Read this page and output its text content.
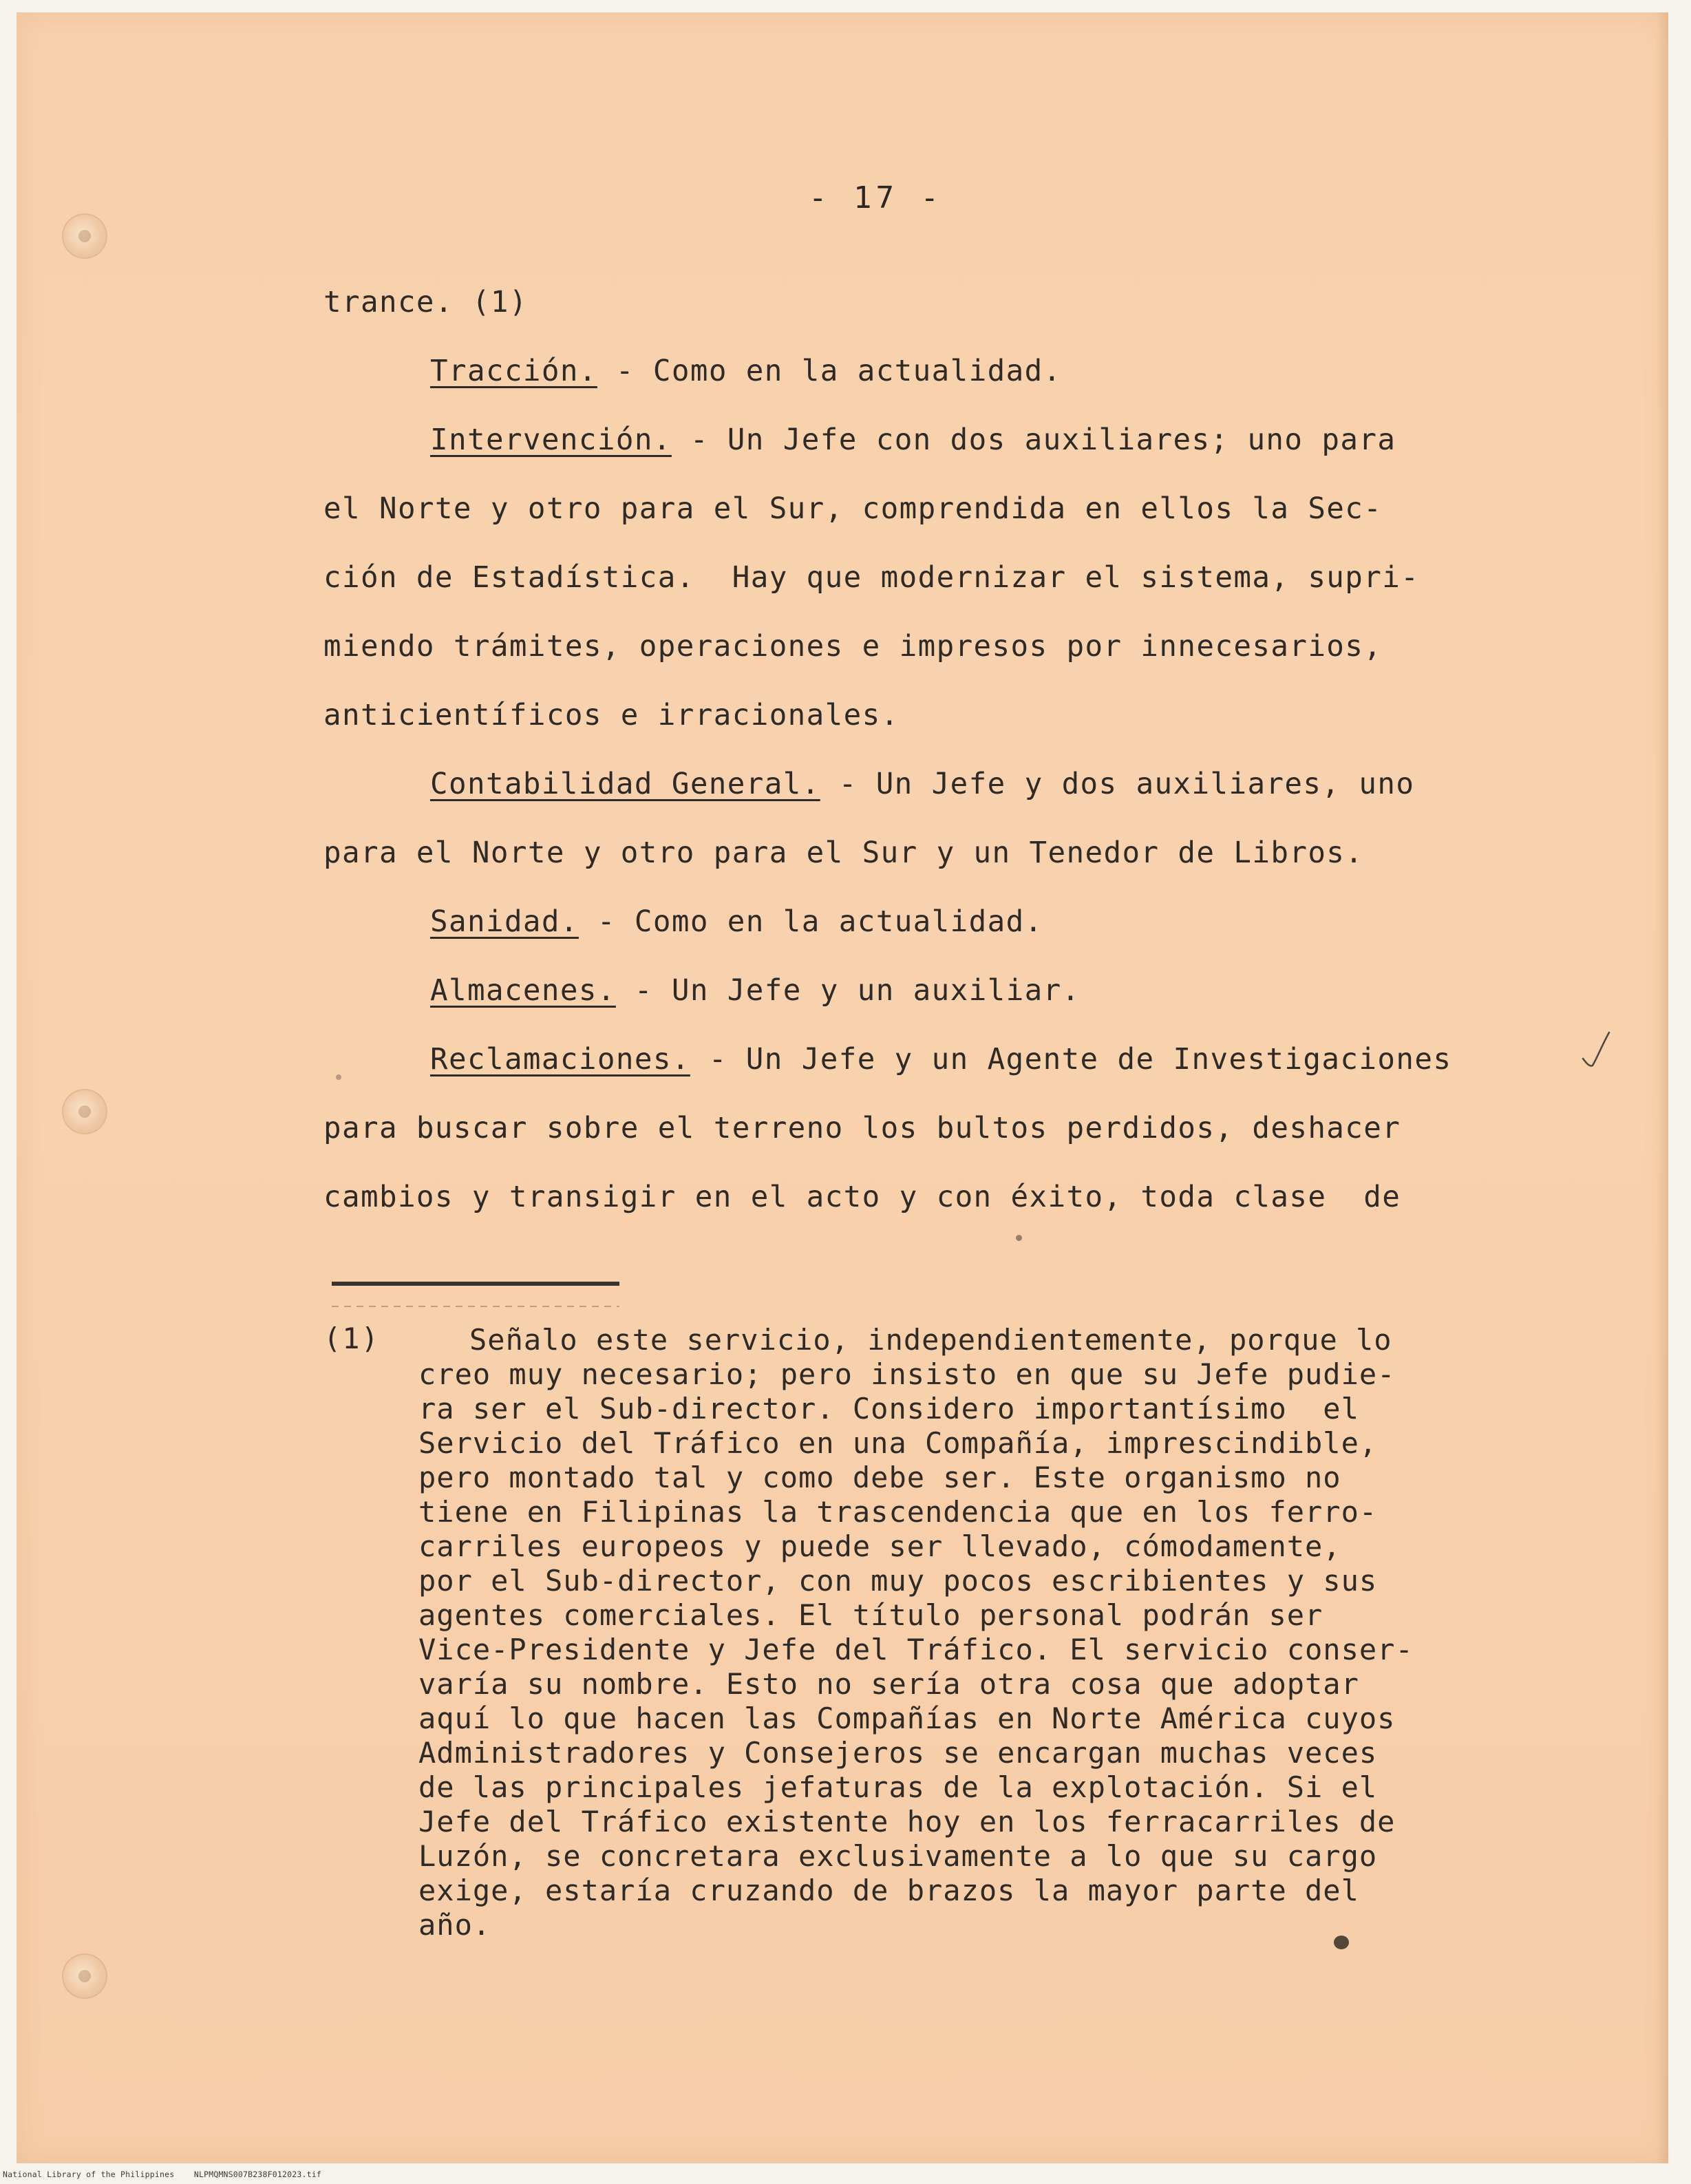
- 17 -
trance. (1)
Tracción. - Como en la actualidad.
Intervención. - Un Jefe con dos auxiliares; uno para
el Norte y otro para el Sur, comprendida en ellos la Sec-
ción de Estadística.  Hay que modernizar el sistema, supri-
miendo trámites, operaciones e impresos por innecesarios,
anticientíficos e irracionales.
Contabilidad General. - Un Jefe y dos auxiliares, uno
para el Norte y otro para el Sur y un Tenedor de Libros.
Sanidad. - Como en la actualidad.
Almacenes. - Un Jefe y un auxiliar.
Reclamaciones. - Un Jefe y un Agente de Investigaciones
para buscar sobre el terreno los bultos perdidos, deshacer
cambios y transigir en el acto y con éxito, toda clase  de
(1)	Señalo este servicio, independientemente, porque lo
creo muy necesario; pero insisto en que su Jefe pudie-
ra ser el Sub-director. Considero importantísimo  el
Servicio del Tráfico en una Compañía, imprescindible,
pero montado tal y como debe ser. Este organismo no
tiene en Filipinas la trascendencia que en los ferro-
carriles europeos y puede ser llevado, cómodamente,
por el Sub-director, con muy pocos escribientes y sus
agentes comerciales. El título personal podrán ser
Vice-Presidente y Jefe del Tráfico. El servicio conser-
varía su nombre. Esto no sería otra cosa que adoptar
aquí lo que hacen las Compañías en Norte América cuyos
Administradores y Consejeros se encargan muchas veces
de las principales jefaturas de la explotación. Si el
Jefe del Tráfico existente hoy en los ferracarriles de
Luzón, se concretara exclusivamente a lo que su cargo
exige, estaría cruzando de brazos la mayor parte del
año.
National Library of the Philippines    NLPMQMNS007B238F012023.tif
